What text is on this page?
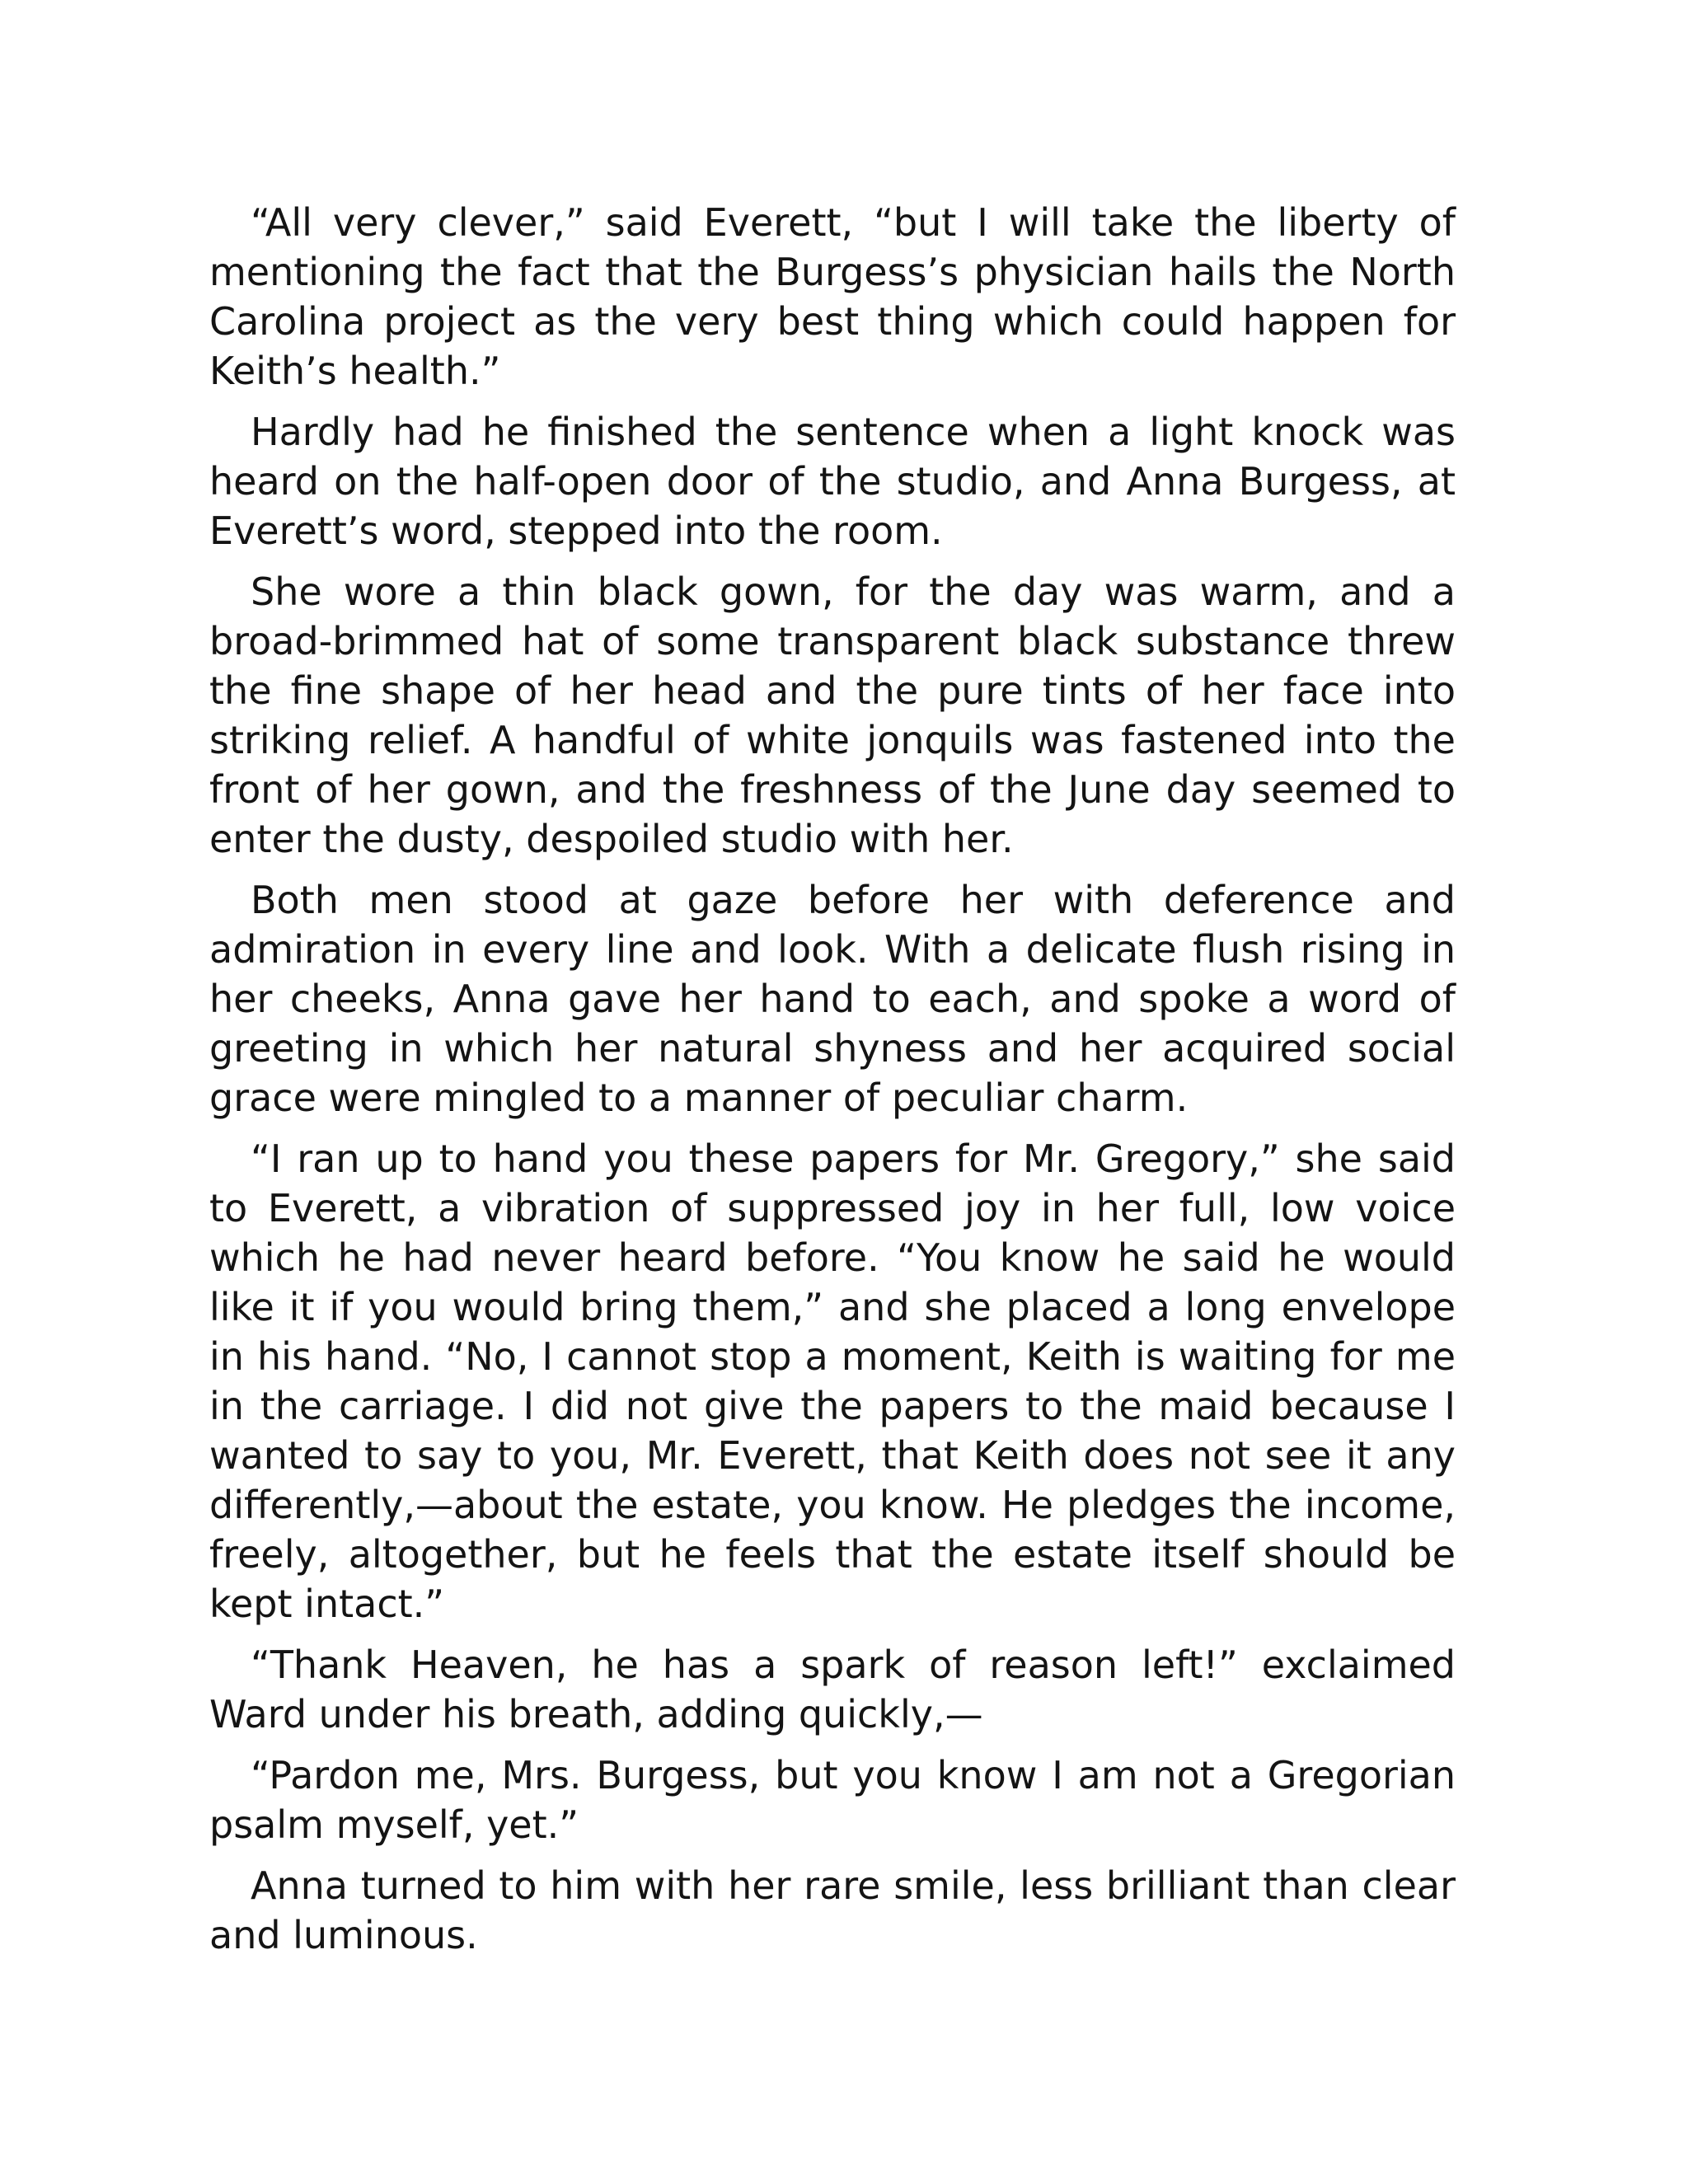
“All very clever,” said Everett, “but I will take the liberty of mentioning the fact that the Burgess’s physician hails the North Carolina project as the very best thing which could happen for Keith’s health.”

Hardly had he finished the sentence when a light knock was heard on the half-open door of the studio, and Anna Burgess, at Everett’s word, stepped into the room.

She wore a thin black gown, for the day was warm, and a broad-brimmed hat of some transparent black substance threw the fine shape of her head and the pure tints of her face into striking relief. A handful of white jonquils was fastened into the front of her gown, and the freshness of the June day seemed to enter the dusty, despoiled studio with her.

Both men stood at gaze before her with deference and admiration in every line and look. With a delicate flush rising in her cheeks, Anna gave her hand to each, and spoke a word of greeting in which her natural shyness and her acquired social grace were mingled to a manner of peculiar charm.

“I ran up to hand you these papers for Mr. Gregory,” she said to Everett, a vibration of suppressed joy in her full, low voice which he had never heard before. “You know he said he would like it if you would bring them,” and she placed a long envelope in his hand. “No, I cannot stop a moment, Keith is waiting for me in the carriage. I did not give the papers to the maid because I wanted to say to you, Mr. Everett, that Keith does not see it any differently,—about the estate, you know. He pledges the income, freely, altogether, but he feels that the estate itself should be kept intact.”

“Thank Heaven, he has a spark of reason left!” exclaimed Ward under his breath, adding quickly,—

“Pardon me, Mrs. Burgess, but you know I am not a Gregorian psalm myself, yet.”

Anna turned to him with her rare smile, less brilliant than clear and luminous.
